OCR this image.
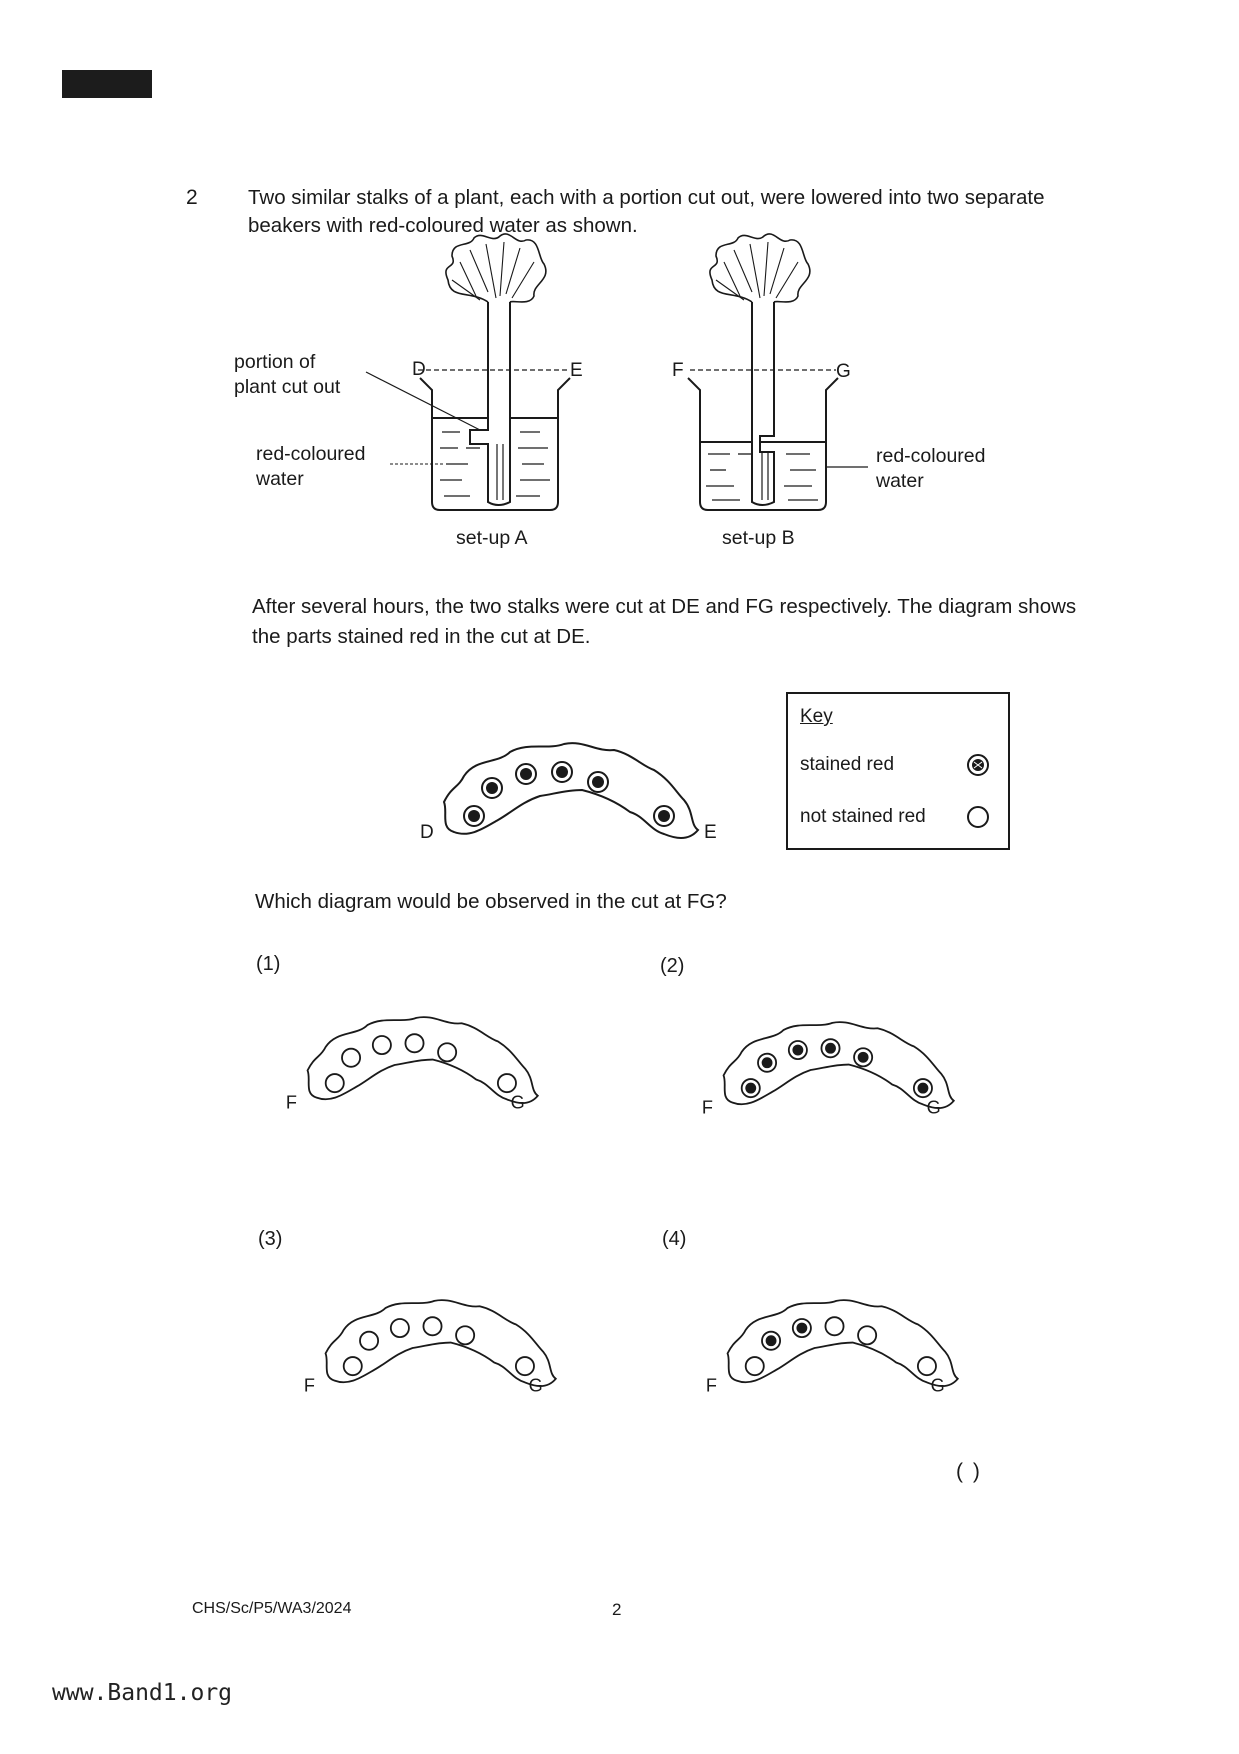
2 Two similar stalks of a plant, each with a portion cut out, were lowered into two separate beakers with red-coloured water as shown.
D	E	F	G
portion of
plant cut out
red-coloured
water
red-coloured
water
set-up A	set-up B
After several hours, the two stalks were cut at DE and FG respectively. The diagram shows the parts stained red in the cut at DE.
D	E
Key
stained red
not stained red
Which diagram would be observed in the cut at FG?
(1)
F	G
(2)
F	G
(3)
F	G
(4)
F	G
( )
CHS/Sc/P5/WA3/2024	2
www.Band1.org
